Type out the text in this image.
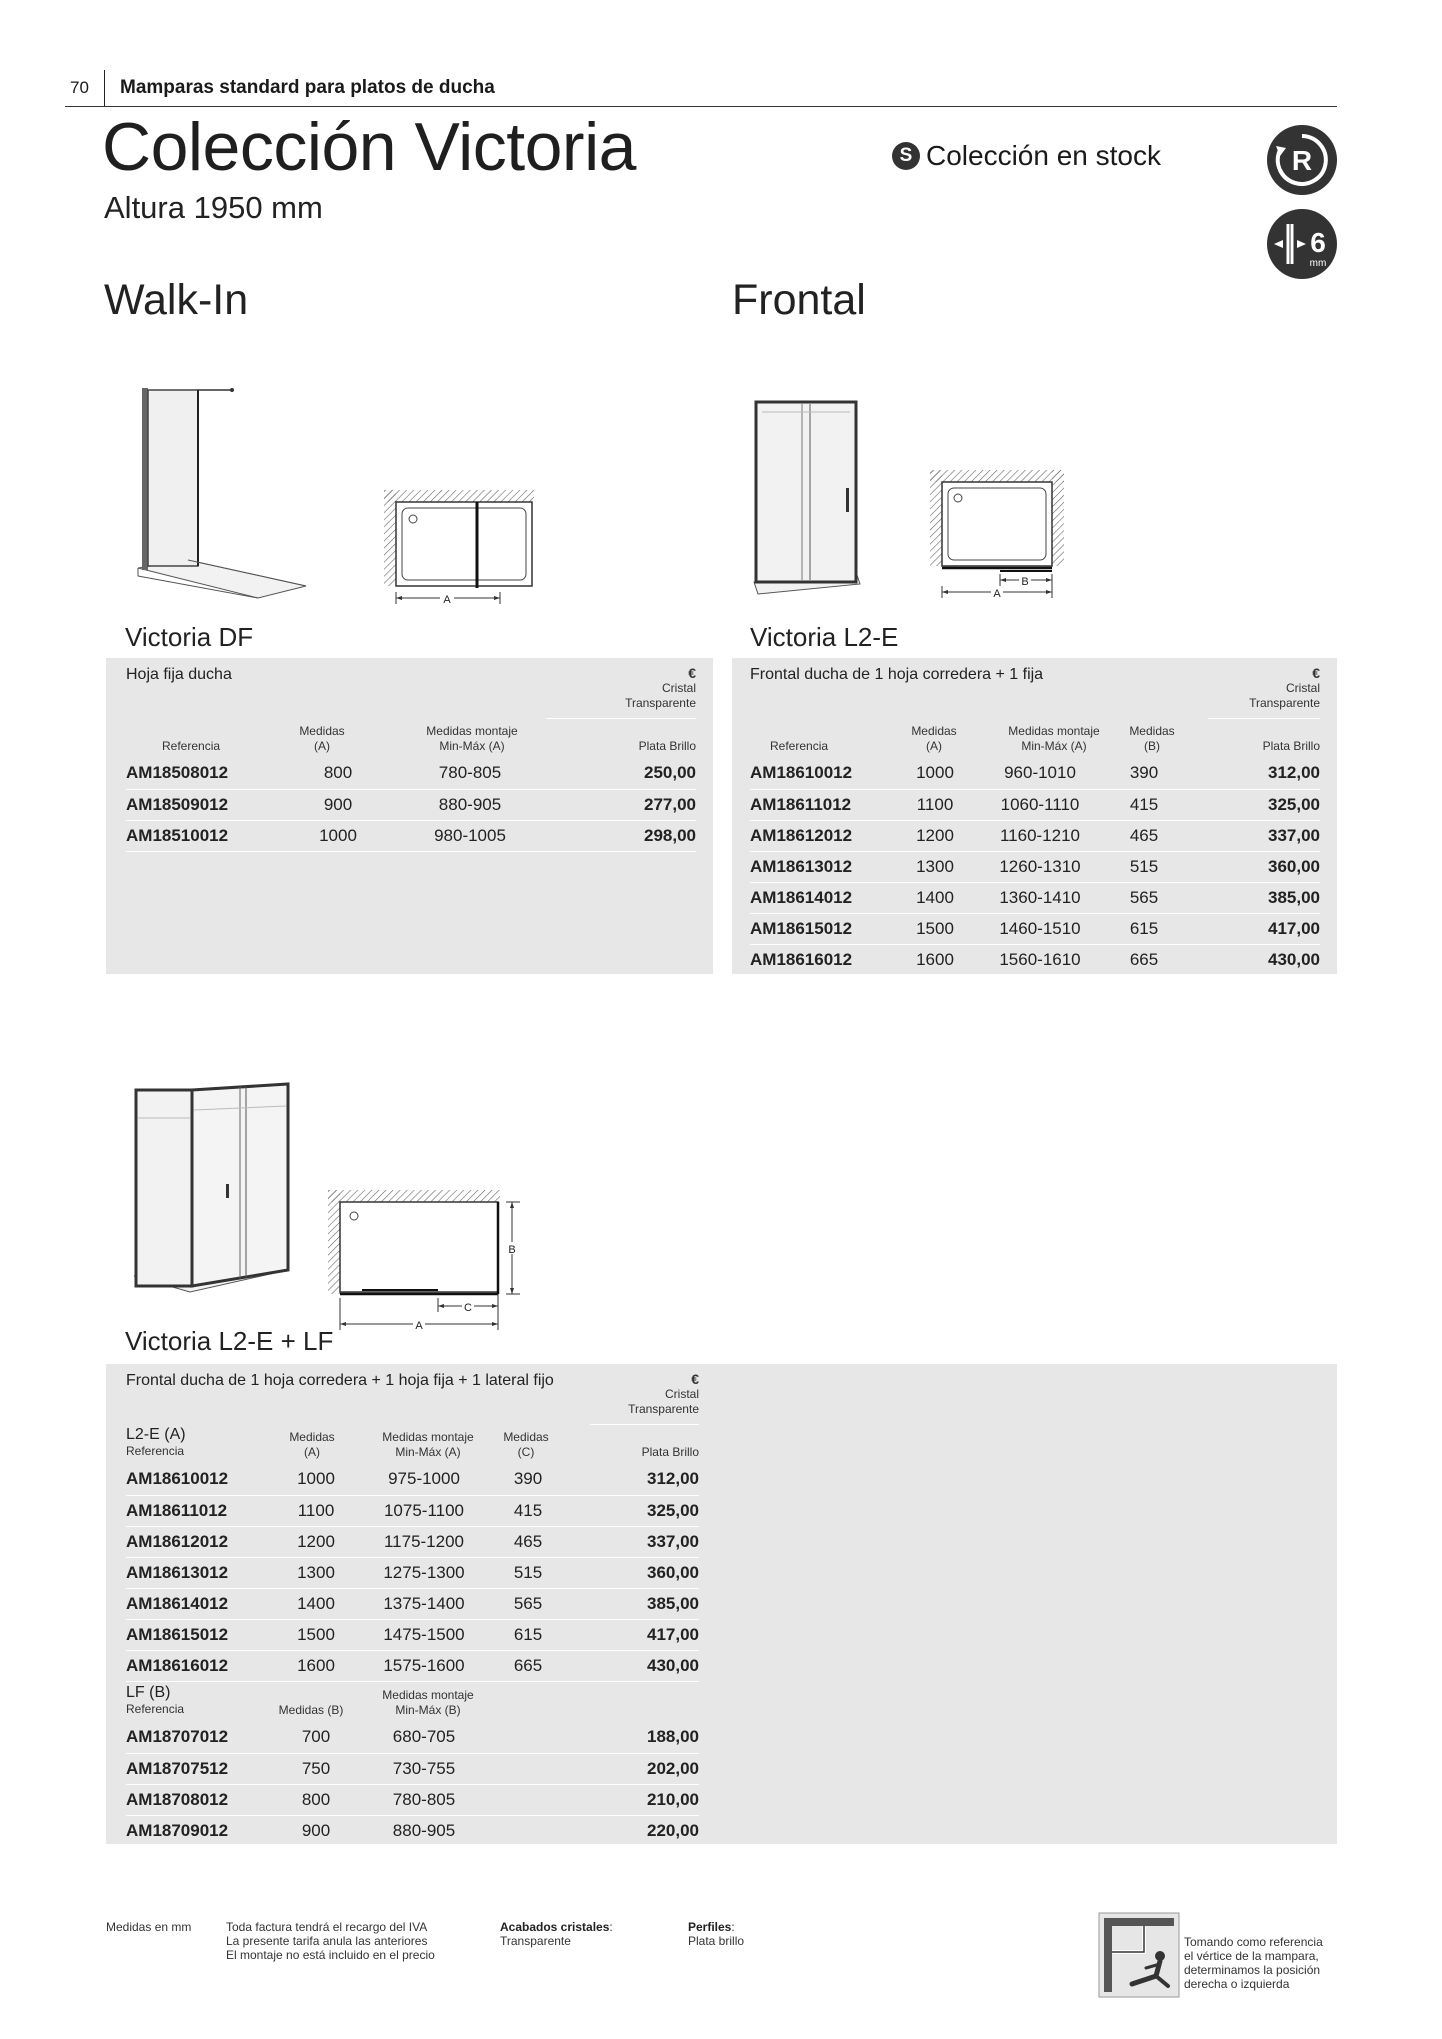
70 Mamparas standard para platos de ducha
Colección Victoria
Altura 1950 mm
S Colección en stock	R
6
mm
Walk-In	Frontal
A
B
A
B
C
A
Victoria DF	Victoria L2-E
Victoria L2-E + LF
Hoja fija ducha	€
Cristal
Transparente
Referencia
Medidas
(A)
Medidas montaje
Min-Máx (A)	Plata Brillo
AM18508012	800	780-805	250,00
AM18509012	900	880-905	277,00
AM18510012	1000	980-1005	298,00
Frontal ducha de 1 hoja corredera + 1 fija	€
Cristal
Transparente
Referencia
Medidas
(A)
Medidas montaje
Min-Máx (A)
Medidas
(B)	Plata Brillo
AM18610012	1000	960-1010	390	312,00
AM18611012	1100	1060-1110	415	325,00
AM18612012	1200	1160-1210	465	337,00
AM18613012	1300	1260-1310	515	360,00
AM18614012	1400	1360-1410	565	385,00
AM18615012	1500	1460-1510	615	417,00
AM18616012	1600	1560-1610	665	430,00
Frontal ducha de 1 hoja corredera + 1 hoja fija + 1 lateral fijo	€
Cristal
Transparente
L2-E (A)
Referencia
Medidas
(A)
Medidas montaje
Min-Máx (A)
Medidas
(C)	Plata Brillo
AM18610012	1000	975-1000	390	312,00
AM18611012	1100	1075-1100	415	325,00
AM18612012	1200	1175-1200	465	337,00
AM18613012	1300	1275-1300	515	360,00
AM18614012	1400	1375-1400	565	385,00
AM18615012	1500	1475-1500	615	417,00
AM18616012	1600	1575-1600	665	430,00
LF (B)
Referencia	Medidas (B)
Medidas montaje
Min-Máx (B)
AM18707012	700	680-705		188,00
AM18707512	750	730-755		202,00
AM18708012	800	780-805		210,00
AM18709012	900	880-905		220,00
Medidas en mm	Toda factura tendrá el recargo del IVA
La presente tarifa anula las anteriores
El montaje no está incluido en el precio
Acabados cristales:
Transparente
Perfiles:
Plata brillo	Tomando como referencia
el vértice de la mampara,
determinamos la posición
derecha o izquierda
